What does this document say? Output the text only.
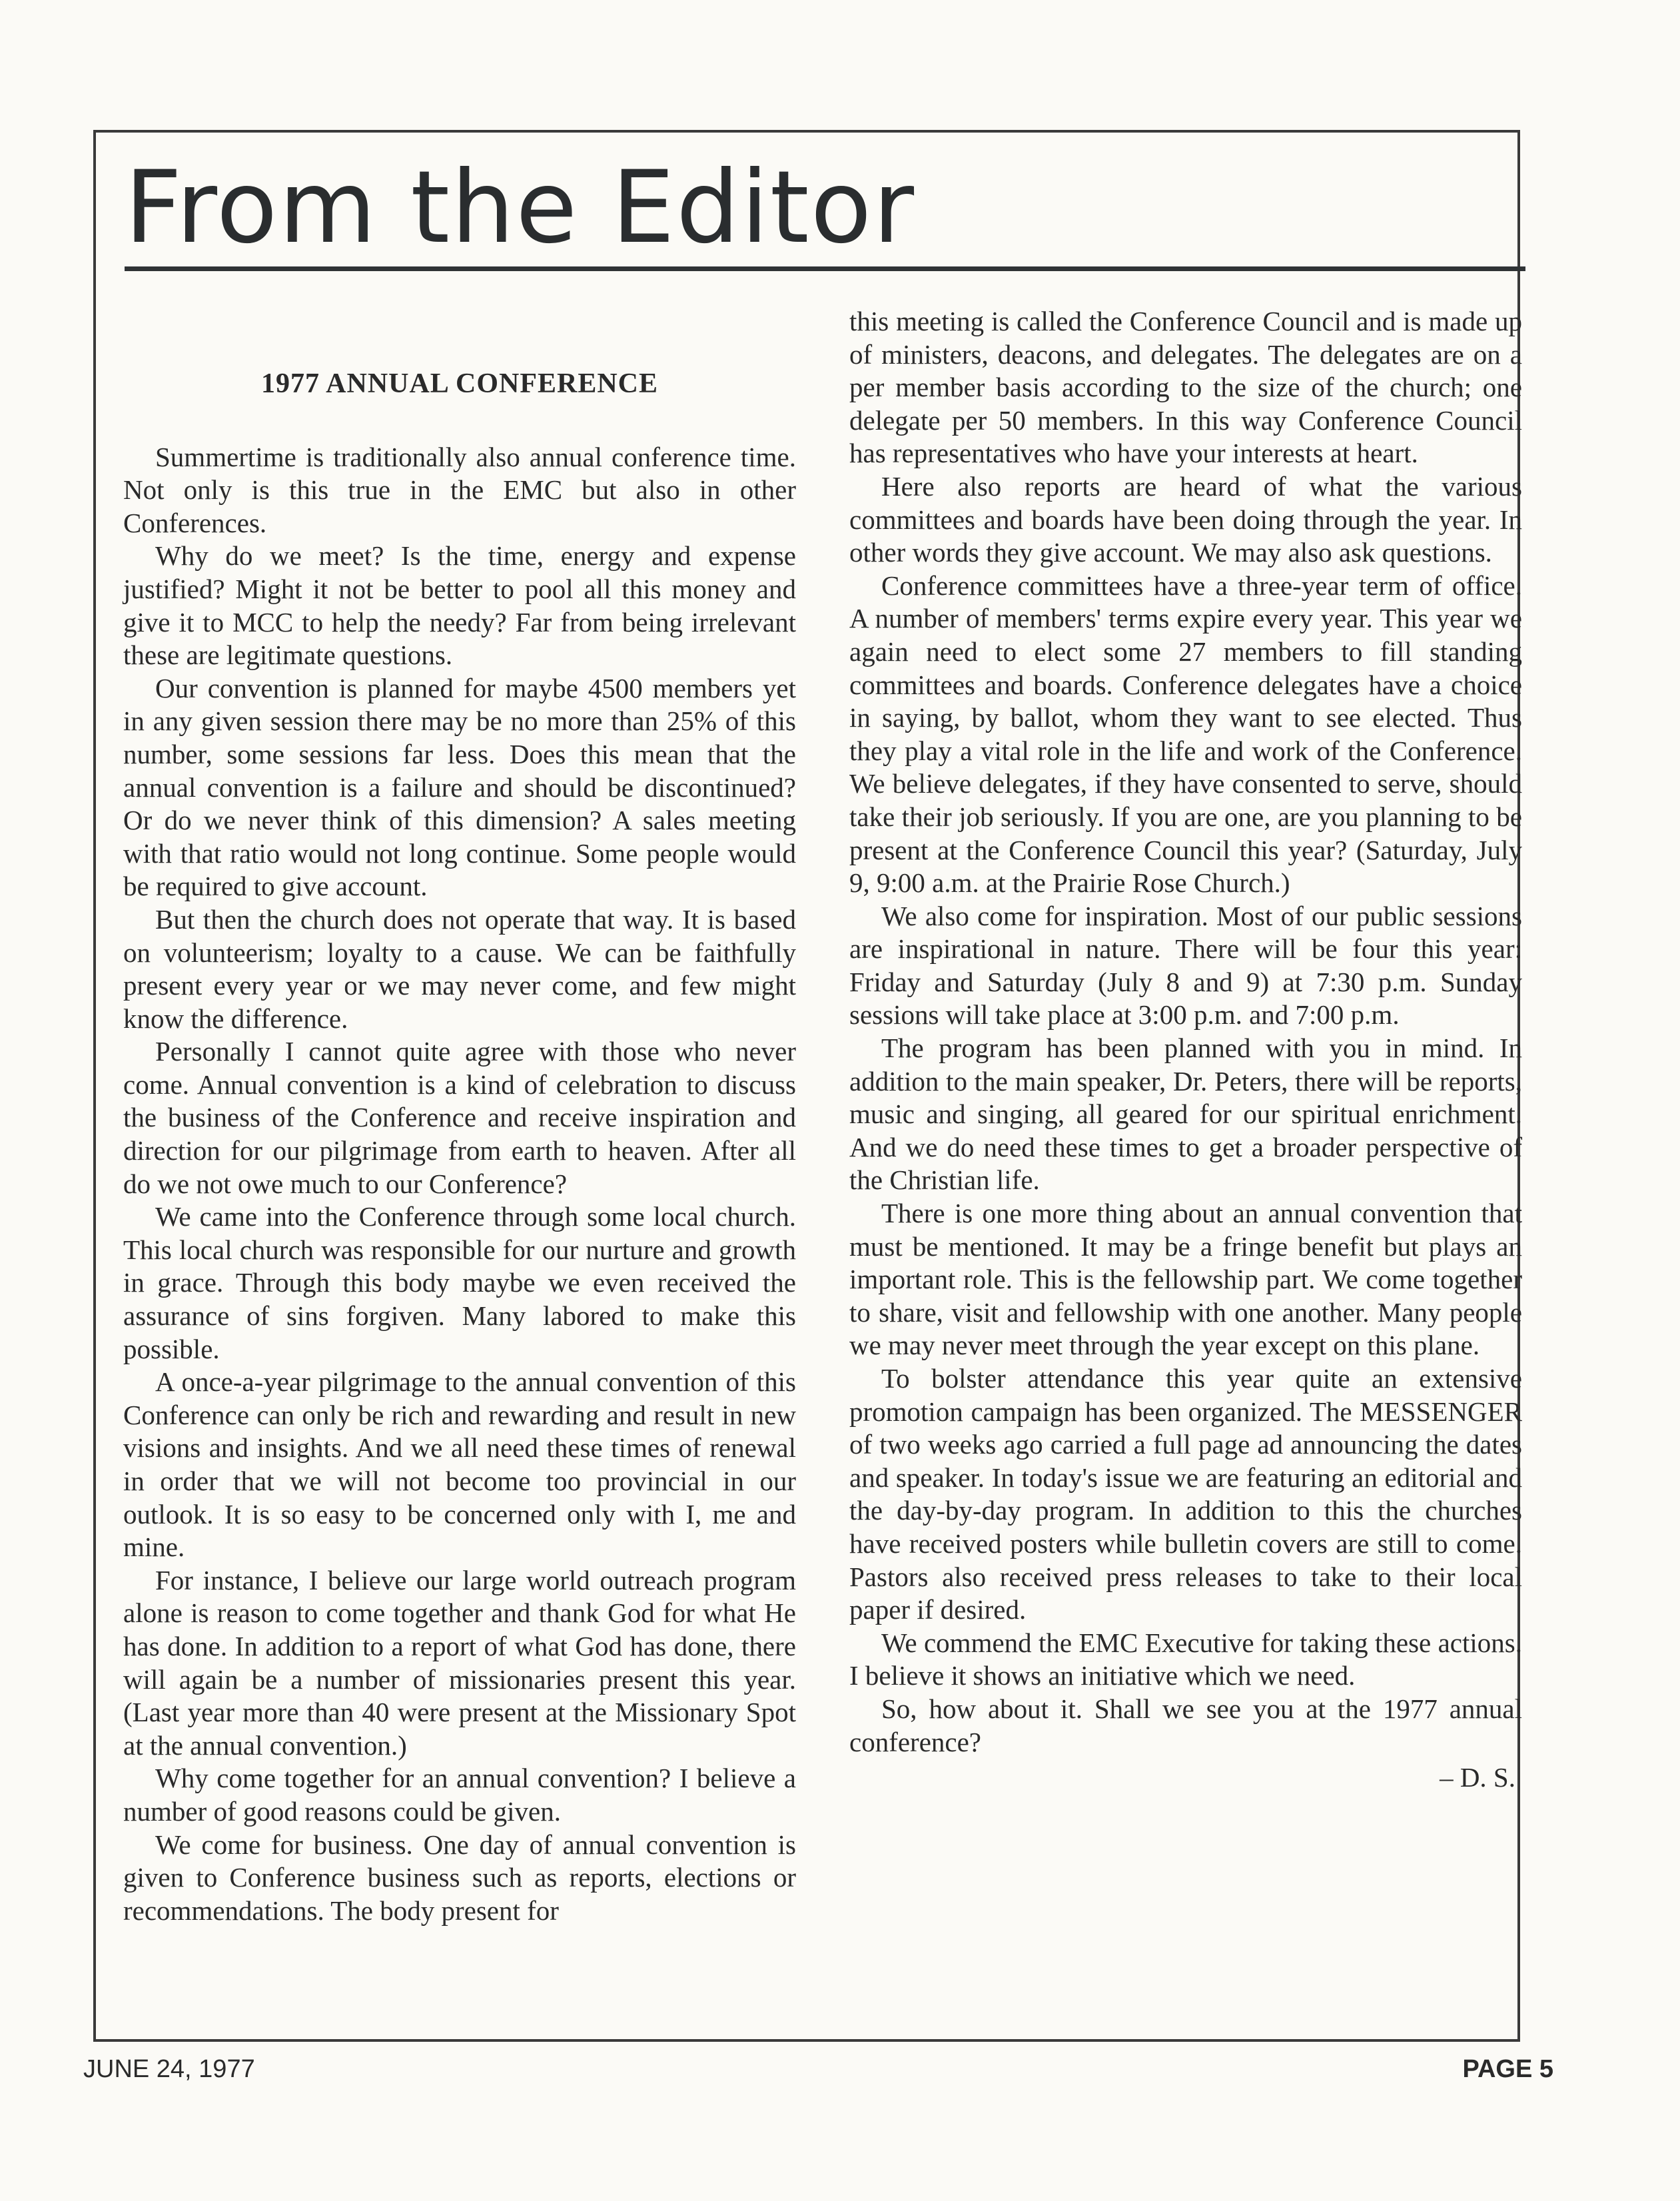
From the Editor
1977 ANNUAL CONFERENCE

Summertime is traditionally also annual conference time. Not only is this true in the EMC but also in other Conferences.

Why do we meet? Is the time, energy and expense justified? Might it not be better to pool all this money and give it to MCC to help the needy? Far from being irrelevant these are legitimate questions.

Our convention is planned for maybe 4500 members yet in any given session there may be no more than 25% of this number, some sessions far less. Does this mean that the annual convention is a failure and should be discontinued? Or do we never think of this dimension? A sales meeting with that ratio would not long continue. Some people would be required to give account.

But then the church does not operate that way. It is based on volunteerism; loyalty to a cause. We can be faithfully present every year or we may never come, and few might know the difference.

Personally I cannot quite agree with those who never come. Annual convention is a kind of celebration to discuss the business of the Conference and receive inspiration and direction for our pilgrimage from earth to heaven. After all do we not owe much to our Conference?

We came into the Conference through some local church. This local church was responsible for our nurture and growth in grace. Through this body maybe we even received the assurance of sins forgiven. Many labored to make this possible.

A once-a-year pilgrimage to the annual convention of this Conference can only be rich and rewarding and result in new visions and insights. And we all need these times of renewal in order that we will not become too provincial in our outlook. It is so easy to be concerned only with I, me and mine.

For instance, I believe our large world outreach program alone is reason to come together and thank God for what He has done. In addition to a report of what God has done, there will again be a number of missionaries present this year. (Last year more than 40 were present at the Missionary Spot at the annual convention.)

Why come together for an annual convention? I believe a number of good reasons could be given.

We come for business. One day of annual convention is given to Conference business such as reports, elections or recommendations. The body present for

this meeting is called the Conference Council and is made up of ministers, deacons, and delegates. The delegates are on a per member basis according to the size of the church; one delegate per 50 members. In this way Conference Council has representatives who have your interests at heart.

Here also reports are heard of what the various committees and boards have been doing through the year. In other words they give account. We may also ask questions.

Conference committees have a three-year term of office. A number of members' terms expire every year. This year we again need to elect some 27 members to fill standing committees and boards. Conference delegates have a choice in saying, by ballot, whom they want to see elected. Thus they play a vital role in the life and work of the Conference. We believe delegates, if they have consented to serve, should take their job seriously. If you are one, are you planning to be present at the Conference Council this year? (Saturday, July 9, 9:00 a.m. at the Prairie Rose Church.)

We also come for inspiration. Most of our public sessions are inspirational in nature. There will be four this year: Friday and Saturday (July 8 and 9) at 7:30 p.m. Sunday sessions will take place at 3:00 p.m. and 7:00 p.m.

The program has been planned with you in mind. In addition to the main speaker, Dr. Peters, there will be reports, music and singing, all geared for our spiritual enrichment. And we do need these times to get a broader perspective of the Christian life.

There is one more thing about an annual convention that must be mentioned. It may be a fringe benefit but plays an important role. This is the fellowship part. We come together to share, visit and fellowship with one another. Many people we may never meet through the year except on this plane.

To bolster attendance this year quite an extensive promotion campaign has been organized. The MESSENGER of two weeks ago carried a full page ad announcing the dates and speaker. In today's issue we are featuring an editorial and the day-by-day program. In addition to this the churches have received posters while bulletin covers are still to come. Pastors also received press releases to take to their local paper if desired.

We commend the EMC Executive for taking these actions. I believe it shows an initiative which we need.

So, how about it. Shall we see you at the 1977 annual conference?

– D. S.
JUNE 24, 1977	PAGE 5
